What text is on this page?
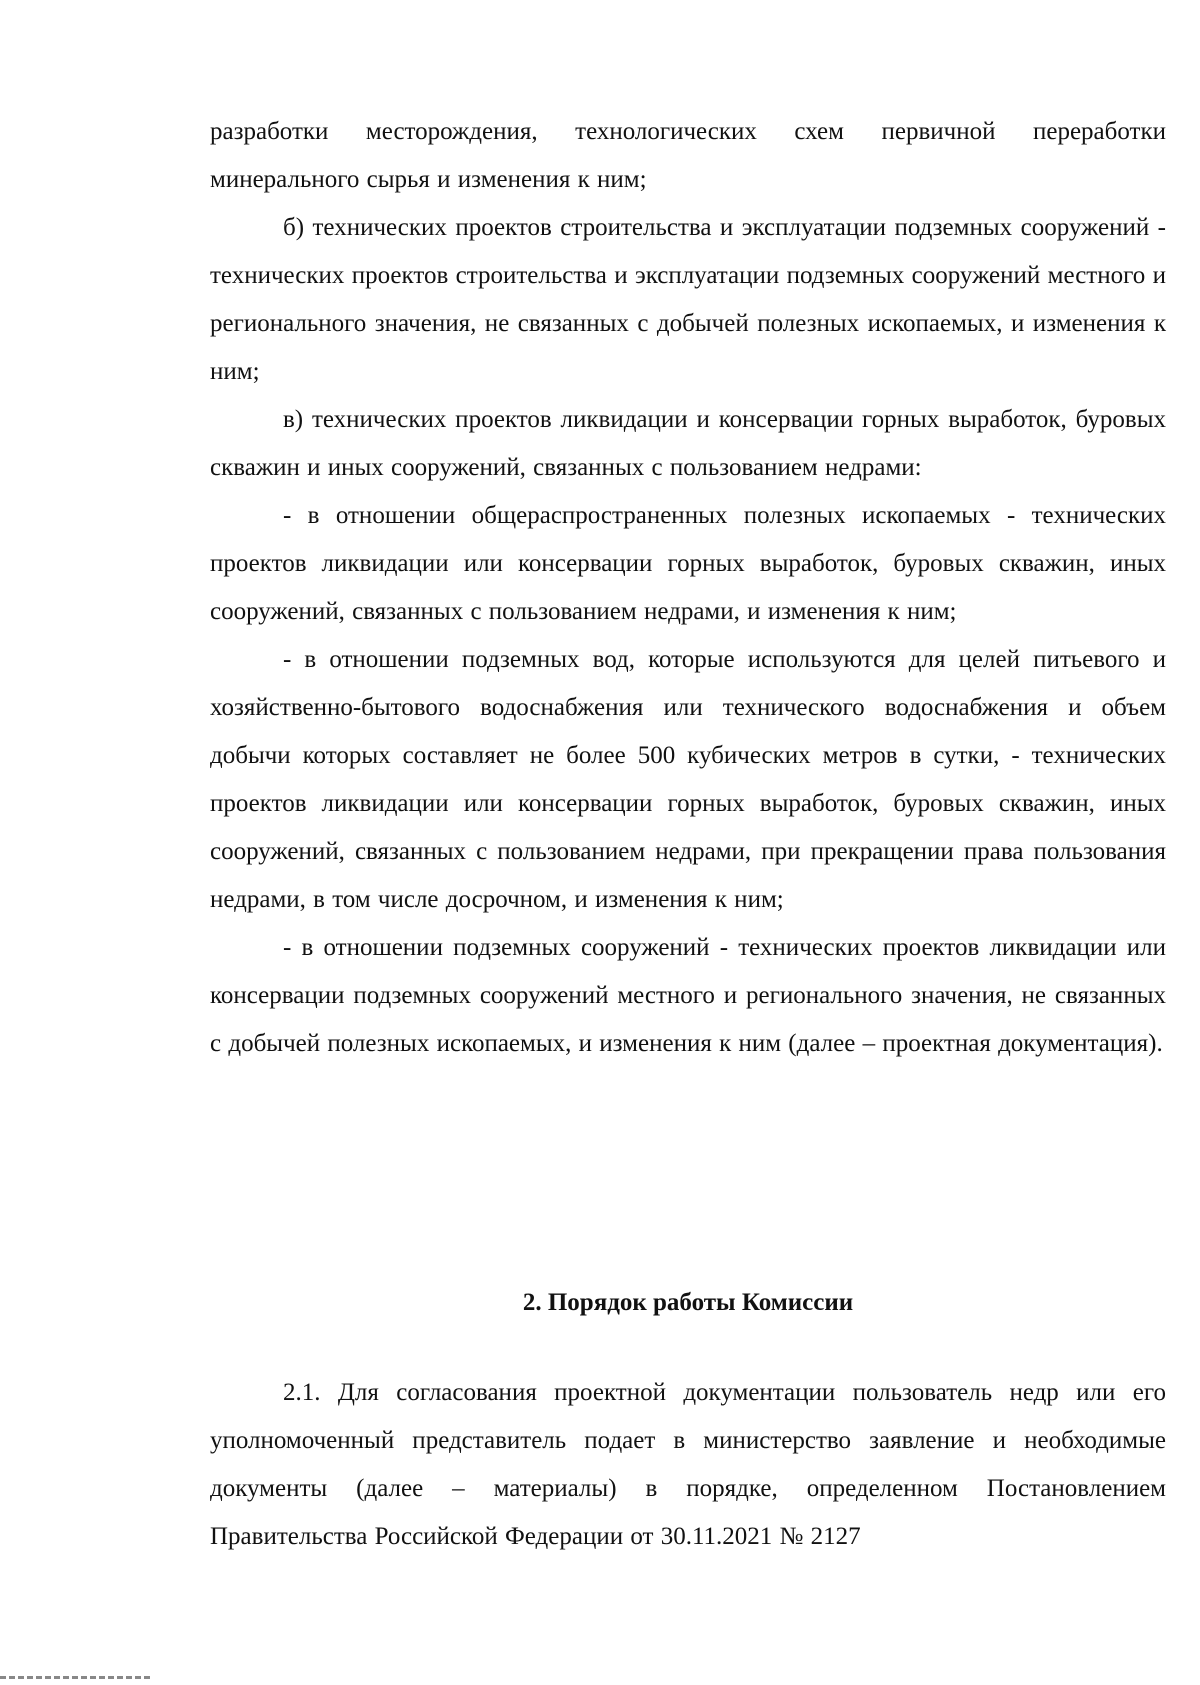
разработки месторождения, технологических схем первичной переработки минерального сырья и изменения к ним;

б) технических проектов строительства и эксплуатации подземных сооружений - технических проектов строительства и эксплуатации подземных сооружений местного и регионального значения, не связанных с добычей полезных ископаемых, и изменения к ним;

в) технических проектов ликвидации и консервации горных выработок, буровых скважин и иных сооружений, связанных с пользованием недрами:

- в отношении общераспространенных полезных ископаемых - технических проектов ликвидации или консервации горных выработок, буровых скважин, иных сооружений, связанных с пользованием недрами, и изменения к ним;

- в отношении подземных вод, которые используются для целей питьевого и хозяйственно-бытового водоснабжения или технического водоснабжения и объем добычи которых составляет не более 500 кубических метров в сутки, - технических проектов ликвидации или консервации горных выработок, буровых скважин, иных сооружений, связанных с пользованием недрами, при прекращении права пользования недрами, в том числе досрочном, и изменения к ним;

- в отношении подземных сооружений - технических проектов ликвидации или консервации подземных сооружений местного и регионального значения, не связанных с добычей полезных ископаемых, и изменения к ним (далее – проектная документация).

2. Порядок работы Комиссии

2.1. Для согласования проектной документации пользователь недр или его уполномоченный представитель подает в министерство заявление и необходимые документы (далее – материалы) в порядке, определенном Постановлением Правительства Российской Федерации от 30.11.2021 № 2127
